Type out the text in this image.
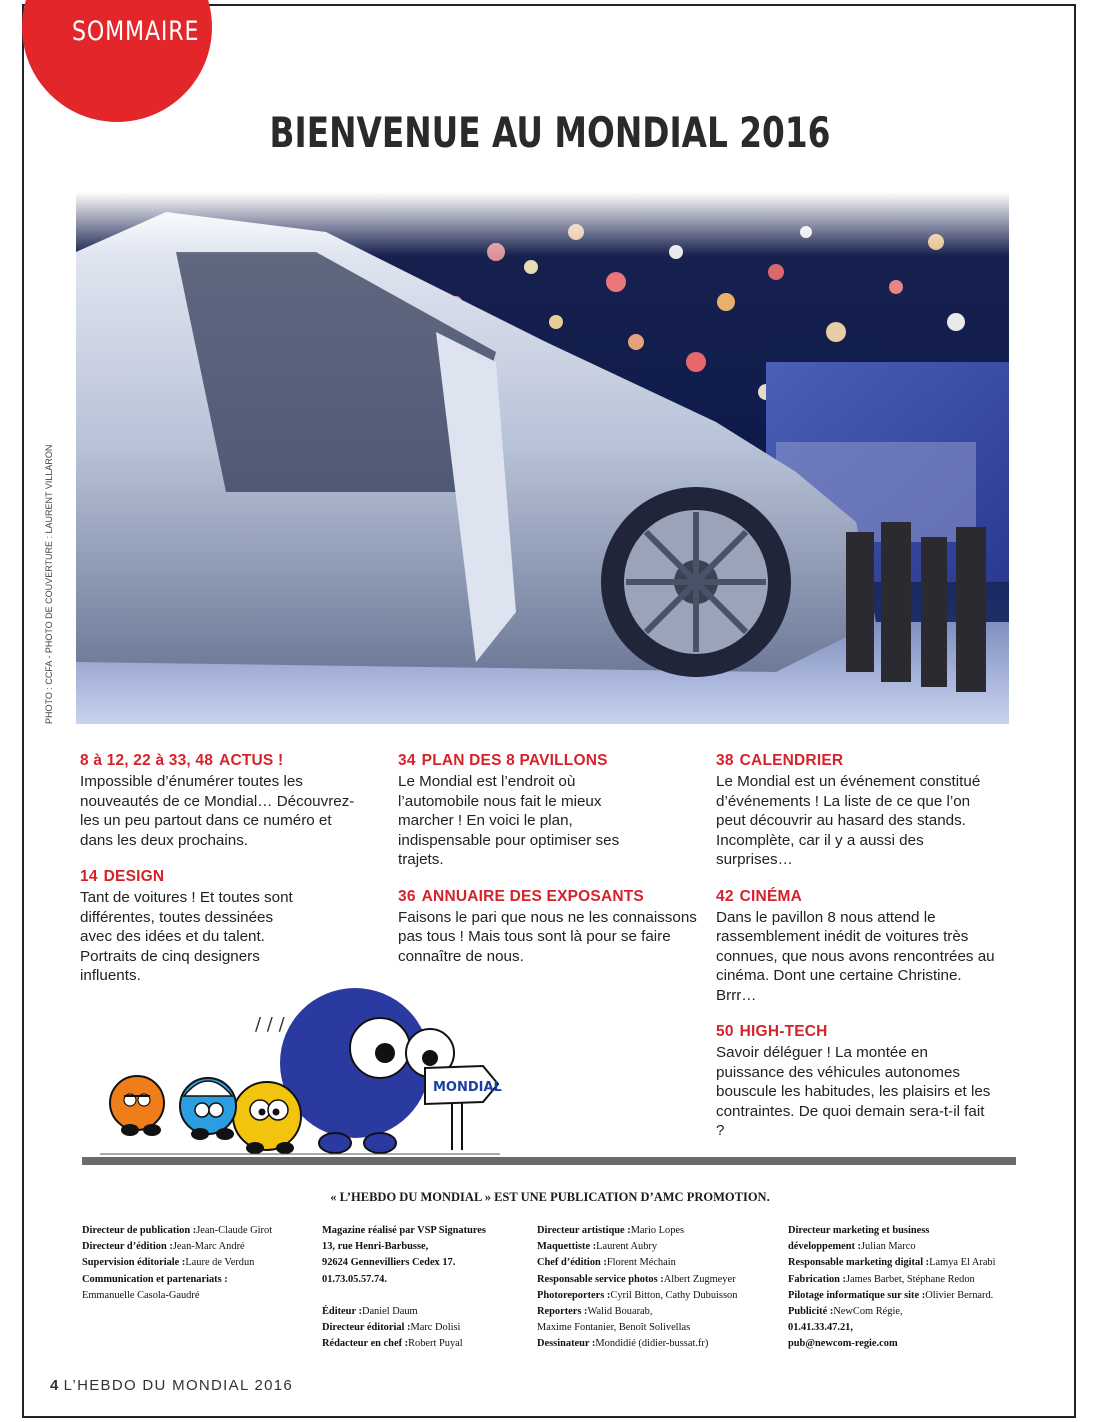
SOMMAIRE
BIENVENUE AU MONDIAL 2016
PHOTO : CCFA - PHOTO DE COUVERTURE : LAURENT VILLARON
8 à 12, 22 à 33, 48 ACTUS !
Impossible d’énumérer toutes les nouveautés de ce Mondial… Découvrez-les un peu partout dans ce numéro et dans les deux prochains.
14 DESIGN
Tant de voitures ! Et toutes sont différentes, toutes dessinées avec des idées et du talent. Portraits de cinq designers influents.
34 PLAN DES 8 PAVILLONS
Le Mondial est l’endroit où l’automobile nous fait le mieux marcher ! En voici le plan, indispensable pour optimiser ses trajets.
36 ANNUAIRE DES EXPOSANTS
Faisons le pari que nous ne les connaissons pas tous ! Mais tous sont là pour se faire connaître de nous.
38 CALENDRIER
Le Mondial est un événement constitué d’événements ! La liste de ce que l’on peut découvrir au hasard des stands. Incomplète, car il y a aussi des surprises…
42 CINÉMA
Dans le pavillon 8 nous attend le rassemblement inédit de voitures très connues, que nous avons rencontrées au cinéma. Dont une certaine Christine. Brrr…
50 HIGH-TECH
Savoir déléguer ! La montée en puissance des véhicules autonomes bouscule les habitudes, les plaisirs et les contraintes. De quoi demain sera-t-il fait ?
/ / /
MONDIAL
« L’HEBDO DU MONDIAL » EST UNE PUBLICATION D’AMC PROMOTION.
Directeur de publication :Jean-Claude Girot
Directeur d’édition :Jean-Marc André
Supervision éditoriale :Laure de Verdun
Communication et partenariats :
Emmanuelle Casola-Gaudré
Magazine réalisé par VSP Signatures
13, rue Henri-Barbusse,
92624 Gennevilliers Cedex 17.
01.73.05.57.74.
Éditeur :Daniel Daum
Directeur éditorial :Marc Dolisi
Rédacteur en chef :Robert Puyal
Directeur artistique :Mario Lopes
Maquettiste :Laurent Aubry
Chef d’édition :Florent Méchain
Responsable service photos :Albert Zugmeyer
Photoreporters :Cyril Bitton, Cathy Dubuisson
Reporters :Walid Bouarab,
Maxime Fontanier, Benoît Solivellas
Dessinateur :Mondidié (didier-bussat.fr)
Directeur marketing et business
développement :Julian Marco
Responsable marketing digital :Lamya El Arabi
Fabrication :James Barbet, Stéphane Redon
Pilotage informatique sur site :Olivier Bernard.
Publicité :NewCom Régie,
01.41.33.47.21,
pub@newcom-regie.com
4 L’HEBDO DU MONDIAL 2016
